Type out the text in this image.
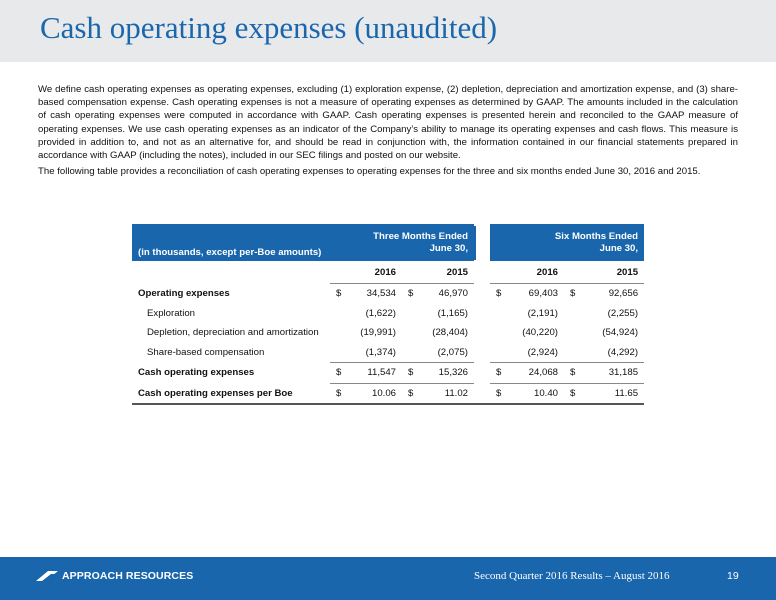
Cash operating expenses (unaudited)

We define cash operating expenses as operating expenses, excluding (1) exploration expense, (2) depletion, depreciation and amortization expense, and (3) share-based compensation expense. Cash operating expenses is not a measure of operating expenses as determined by GAAP. The amounts included in the calculation of cash operating expenses were computed in accordance with GAAP. Cash operating expenses is presented herein and reconciled to the GAAP measure of operating expenses. We use cash operating expenses as an indicator of the Company’s ability to manage its operating expenses and cash flows. This measure is provided in addition to, and not as an alternative for, and should be read in conjunction with, the information contained in our financial statements prepared in accordance with GAAP (including the notes), included in our SEC filings and posted on our website.

The following table provides a reconciliation of cash operating expenses to operating expenses for the three and six months ended June 30, 2016 and 2015.

(in thousands, except per-Boe amounts)	Three Months Ended
June 30,					Six Months Ended
June 30,			
	2016		2015			2016		2015	
Operating expenses	$	34,534	$	46,970		$	69,403	$	92,656
Exploration		(1,622)		(1,165)			(2,191)		(2,255)
Depletion, depreciation and amortization		(19,991)		(28,404)			(40,220)		(54,924)
Share-based compensation		(1,374)		(2,075)			(2,924)		(4,292)
Cash operating expenses	$	11,547	$	15,326		$	24,068	$	31,185
Cash operating expenses per Boe	$	10.06	$	11.02		$	10.40	$	11.65
APPROACH RESOURCES	Second Quarter 2016 Results – August 2016	19
